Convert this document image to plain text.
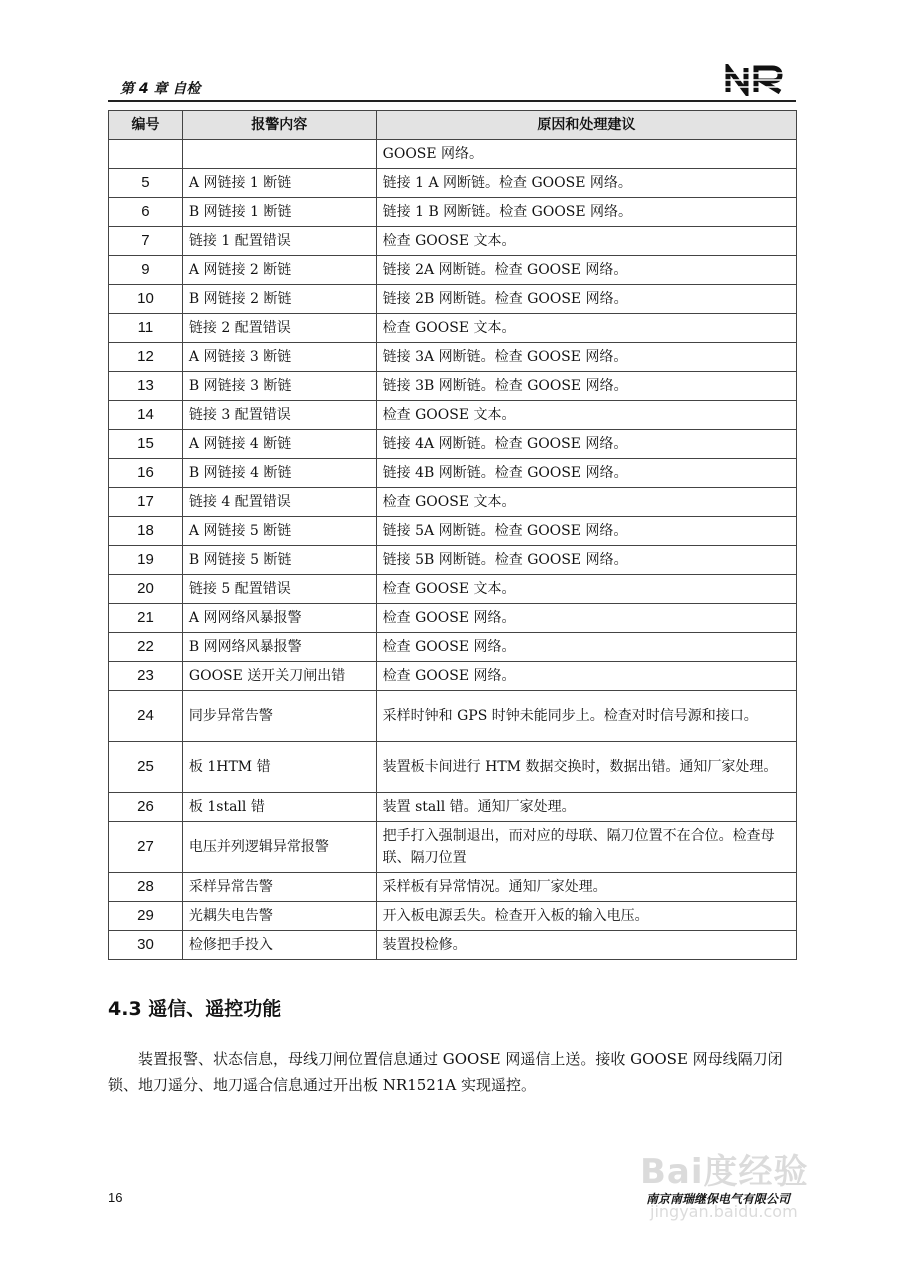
第 4 章 自检
编号	报警内容	原因和处理建议
		GOOSE 网络。
5	A 网链接 1 断链	链接 1 A 网断链。检查 GOOSE 网络。
6	B 网链接 1 断链	链接 1 B 网断链。检查 GOOSE 网络。
7	链接 1 配置错误	检查 GOOSE 文本。
9	A 网链接 2 断链	链接 2A 网断链。检查 GOOSE 网络。
10	B 网链接 2 断链	链接 2B 网断链。检查 GOOSE 网络。
11	链接 2 配置错误	检查 GOOSE 文本。
12	A 网链接 3 断链	链接 3A 网断链。检查 GOOSE 网络。
13	B 网链接 3 断链	链接 3B 网断链。检查 GOOSE 网络。
14	链接 3 配置错误	检查 GOOSE 文本。
15	A 网链接 4 断链	链接 4A 网断链。检查 GOOSE 网络。
16	B 网链接 4 断链	链接 4B 网断链。检查 GOOSE 网络。
17	链接 4 配置错误	检查 GOOSE 文本。
18	A 网链接 5 断链	链接 5A 网断链。检查 GOOSE 网络。
19	B 网链接 5 断链	链接 5B 网断链。检查 GOOSE 网络。
20	链接 5 配置错误	检查 GOOSE 文本。
21	A 网网络风暴报警	检查 GOOSE 网络。
22	B 网网络风暴报警	检查 GOOSE 网络。
23	GOOSE 送开关刀闸出错	检查 GOOSE 网络。
24	同步异常告警	采样时钟和 GPS 时钟未能同步上。检查对时信号源和接口。
25	板 1HTM 错	装置板卡间进行 HTM 数据交换时，数据出错。通知厂家处理。
26	板 1stall 错	装置 stall 错。通知厂家处理。
27	电压并列逻辑异常报警	把手打入强制退出，而对应的母联、隔刀位置不在合位。检查母联、隔刀位置
28	采样异常告警	采样板有异常情况。通知厂家处理。
29	光耦失电告警	开入板电源丢失。检查开入板的输入电压。
30	检修把手投入	装置投检修。
4.3 遥信、遥控功能
装置报警、状态信息，母线刀闸位置信息通过 GOOSE 网遥信上送。接收 GOOSE 网母线隔刀闭锁、地刀遥分、地刀遥合信息通过开出板 NR1521A 实现遥控。
16	南京南瑞继保电气有限公司
Bai度经验
jingyan.baidu.com
